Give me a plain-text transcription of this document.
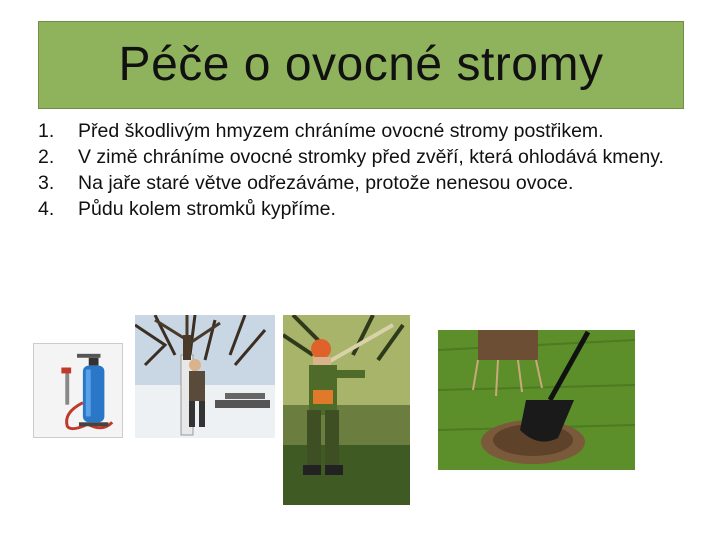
Péče o ovocné stromy
1. Před škodlivým hmyzem chráníme ovocné stromy postřikem.
2. V zimě chráníme ovocné stromky před zvěří, která ohlodává kmeny.
3. Na jaře staré větve odřezáváme, protože nenesou ovoce.
4. Půdu kolem stromků kypříme.
